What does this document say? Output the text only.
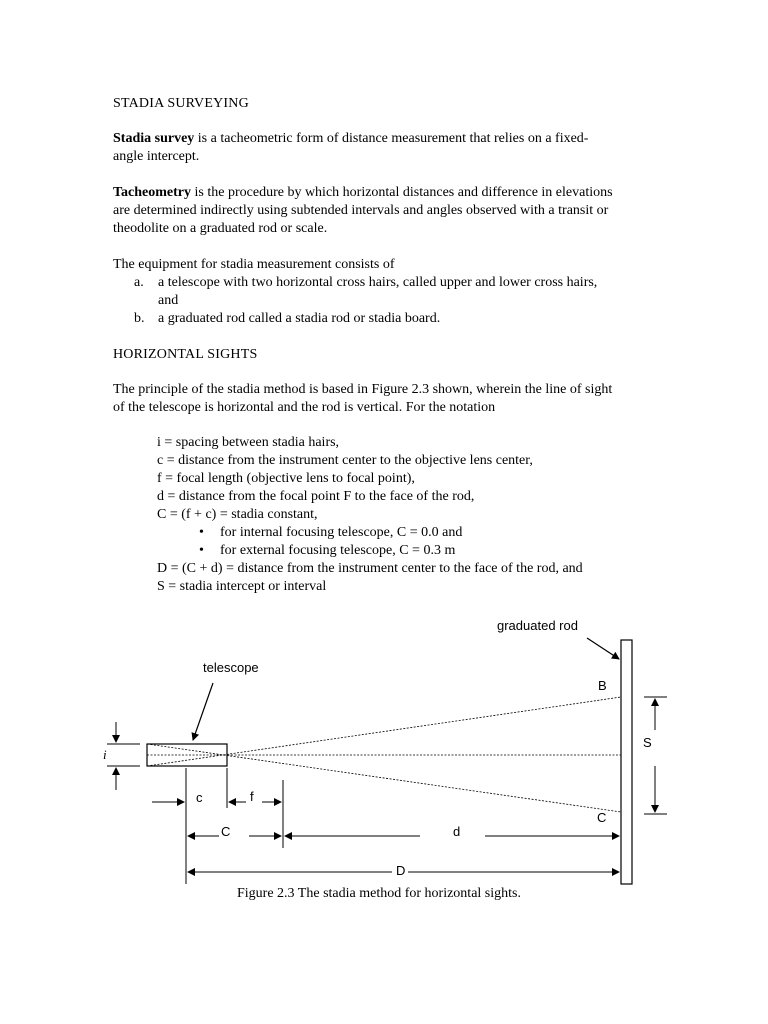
STADIA SURVEYING
Stadia survey is a tacheometric form of distance measurement that relies on a fixed-
angle intercept.
Tacheometry is the procedure by which horizontal distances and difference in elevations
are determined indirectly using subtended intervals and angles observed with a transit or
theodolite on a graduated rod or scale.
The equipment for stadia measurement consists of
a. a telescope with two horizontal cross hairs, called upper and lower cross hairs,
and
b. a graduated rod called a stadia rod or stadia board.
HORIZONTAL SIGHTS
The principle of the stadia method is based in Figure 2.3 shown, wherein the line of sight
of the telescope is horizontal and the rod is vertical. For the notation
i = spacing between stadia hairs,
c = distance from the instrument center to the objective lens center,
f = focal length (objective lens to focal point),
d = distance from the focal point F to the face of the rod,
C = (f + c) = stadia constant,
• for internal focusing telescope, C = 0.0 and
• for external focusing telescope, C = 0.3 m
D = (C + d) = distance from the instrument center to the face of the rod, and
S = stadia intercept or interval
graduated rod
telescope
B
C
S
i
c	f
C	d
D
Figure 2.3 The stadia method for horizontal sights.
